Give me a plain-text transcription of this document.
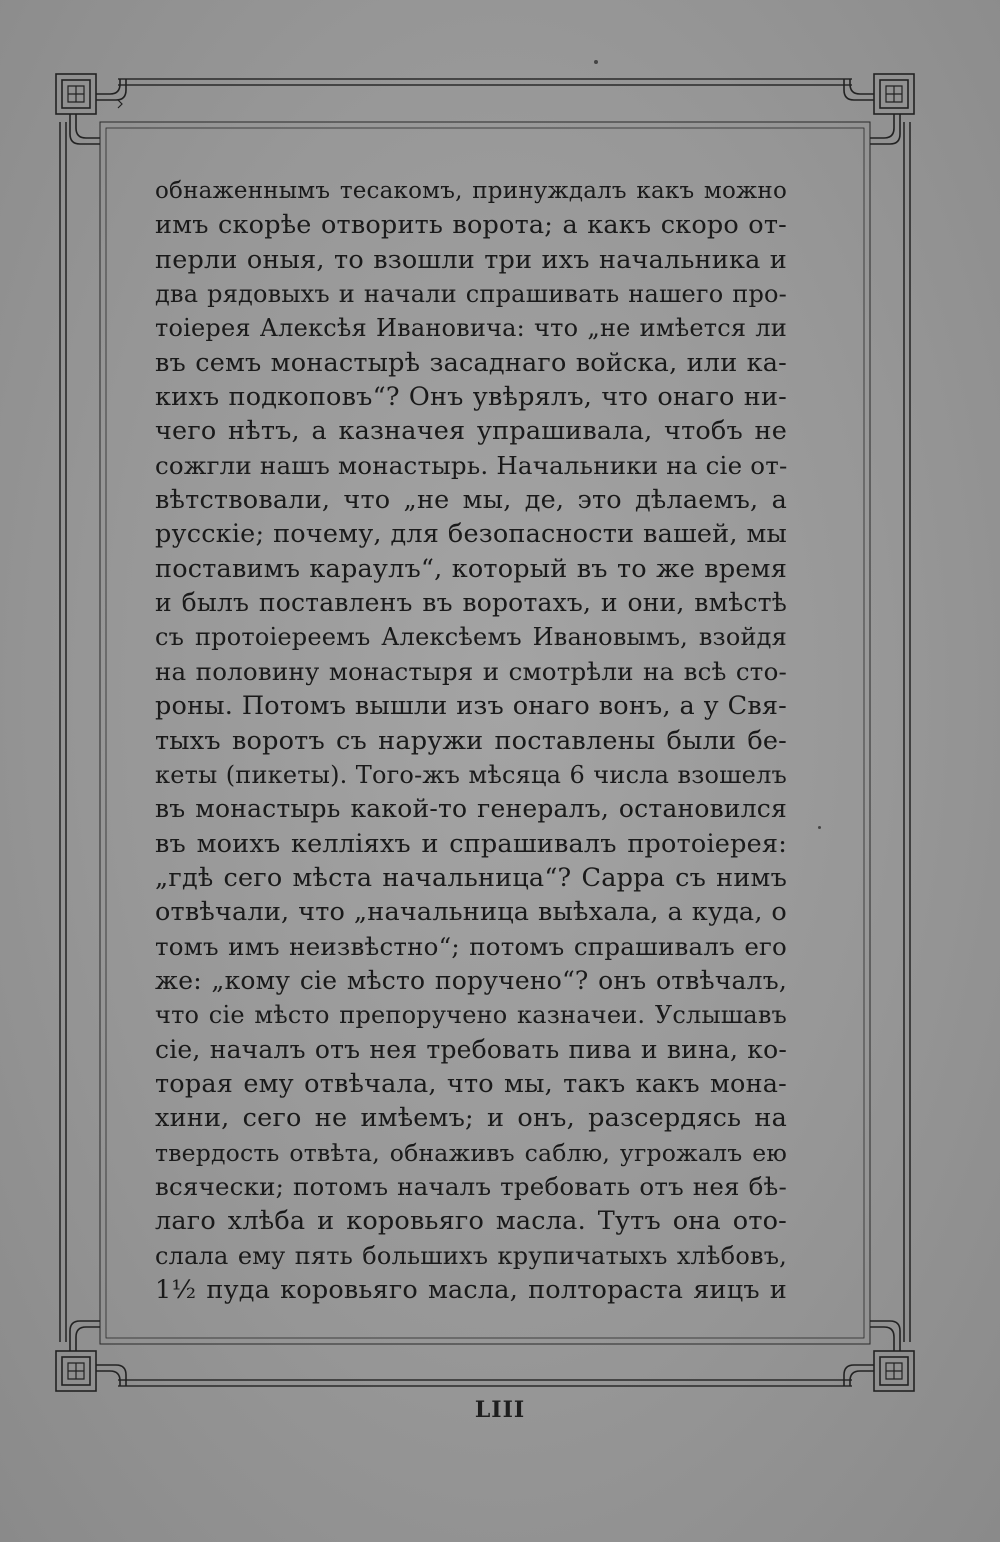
обнаженнымъ тесакомъ, принуждалъ какъ можно
имъ скорѣе отворить ворота; а какъ скоро от-
перли оныя, то взошли три ихъ начальника и
два рядовыхъ и начали спрашивать нашего про-
тоіерея Алексѣя Ивановича: что „не имѣется ли
въ семъ монастырѣ засаднаго войска, или ка-
кихъ подкоповъ“? Онъ увѣрялъ, что онаго ни-
чего нѣтъ, а казначея упрашивала, чтобъ не
сожгли нашъ монастырь. Начальники на сіе от-
вѣтствовали, что „не мы, де, это дѣлаемъ, а
русскіе; почему, для безопасности вашей, мы
поставимъ караулъ“, который въ то же время
и былъ поставленъ въ воротахъ, и они, вмѣстѣ
съ протоіереемъ Алексѣемъ Ивановымъ, взойдя
на половину монастыря и смотрѣли на всѣ сто-
роны. Потомъ вышли изъ онаго вонъ, а у Свя-
тыхъ воротъ съ наружи поставлены были бе-
кеты (пикеты). Того-жъ мѣсяца 6 числа взошелъ
въ монастырь какой-то генералъ, остановился
въ моихъ келліяхъ и спрашивалъ протоіерея:
„гдѣ сего мѣста начальница“? Сарра съ нимъ
отвѣчали, что „начальница выѣхала, а куда, о
томъ имъ неизвѣстно“; потомъ спрашивалъ его
же: „кому сіе мѣсто поручено“? онъ отвѣчалъ,
что сіе мѣсто препоручено казначеи. Услышавъ
сіе, началъ отъ нея требовать пива и вина, ко-
торая ему отвѣчала, что мы, такъ какъ мона-
хини, сего не имѣемъ; и онъ, разсердясь на
твердость отвѣта, обнаживъ саблю, угрожалъ ею
всячески; потомъ началъ требовать отъ нея бѣ-
лаго хлѣба и коровьяго масла. Тутъ она ото-
слала ему пять большихъ крупичатыхъ хлѣбовъ,
1½ пуда коровьяго масла, полтораста яицъ и
LIII
